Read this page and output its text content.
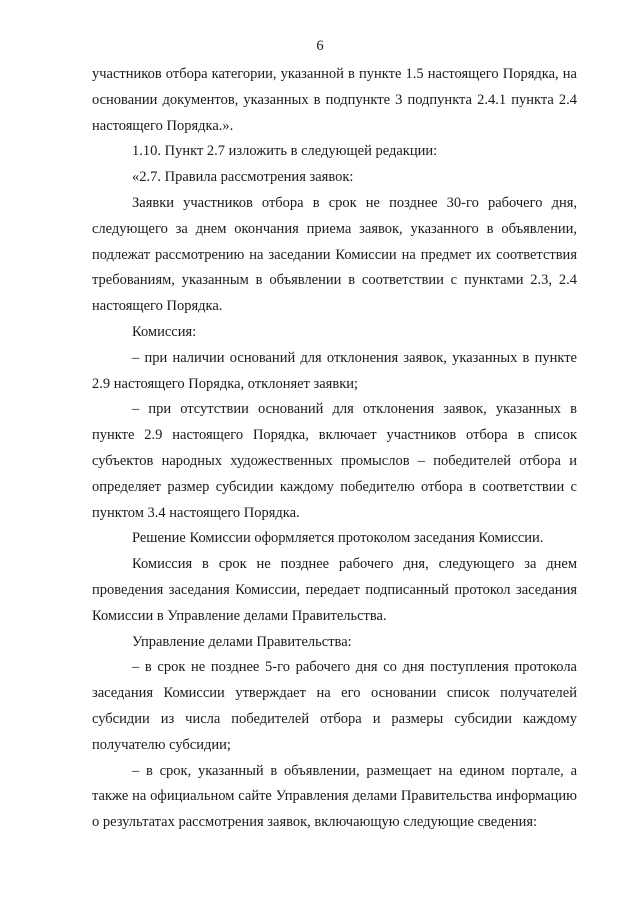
6

участников отбора категории, указанной в пункте 1.5 настоящего Порядка, на основании документов, указанных в подпункте 3 подпункта 2.4.1 пункта 2.4 настоящего Порядка.».

1.10. Пункт 2.7 изложить в следующей редакции:

«2.7. Правила рассмотрения заявок:

Заявки участников отбора в срок не позднее 30-го рабочего дня, следующего за днем окончания приема заявок, указанного в объявлении, подлежат рассмотрению на заседании Комиссии на предмет их соответствия требованиям, указанным в объявлении в соответствии с пунктами 2.3, 2.4 настоящего Порядка.

Комиссия:

– при наличии оснований для отклонения заявок, указанных в пункте 2.9 настоящего Порядка, отклоняет заявки;

– при отсутствии оснований для отклонения заявок, указанных в пункте 2.9 настоящего Порядка, включает участников отбора в список субъектов народных художественных промыслов – победителей отбора и определяет размер субсидии каждому победителю отбора в соответствии с пунктом 3.4 настоящего Порядка.

Решение Комиссии оформляется протоколом заседания Комиссии.

Комиссия в срок не позднее рабочего дня, следующего за днем проведения заседания Комиссии, передает подписанный протокол заседания Комиссии в Управление делами Правительства.

Управление делами Правительства:

– в срок не позднее 5-го рабочего дня со дня поступления протокола заседания Комиссии утверждает на его основании список получателей субсидии из числа победителей отбора и размеры субсидии каждому получателю субсидии;

– в срок, указанный в объявлении, размещает на едином портале, а также на официальном сайте Управления делами Правительства информацию о результатах рассмотрения заявок, включающую следующие сведения:
